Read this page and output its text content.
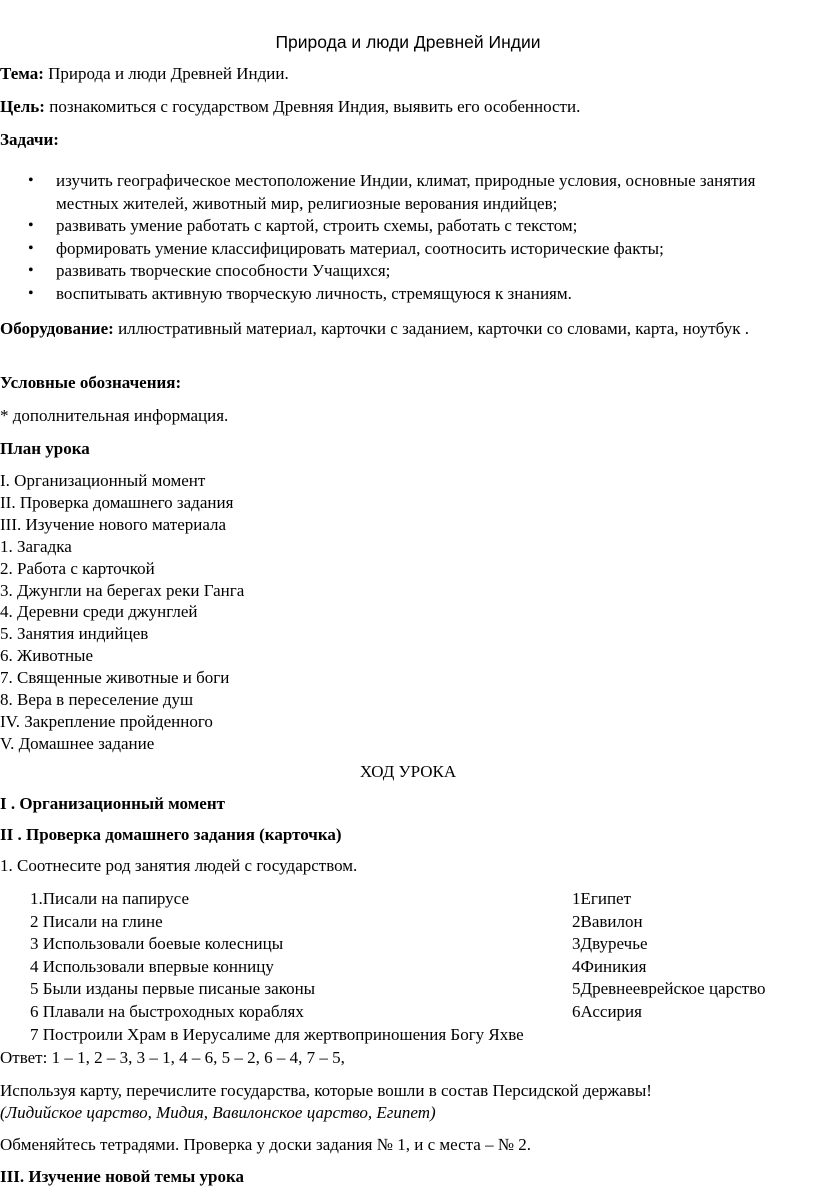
Природа и люди Древней Индии
Тема: Природа и люди Древней Индии.
Цель: познакомиться с государством Древняя Индия, выявить его особенности.
Задачи:
• изучить географическое местоположение Индии, климат, природные условия, основные занятия местных жителей, животный мир, религиозные верования индийцев;
• развивать умение работать с картой, строить схемы, работать с текстом;
• формировать умение классифицировать материал, соотносить исторические факты;
• развивать творческие способности Учащихся;
• воспитывать активную творческую личность, стремящуюся к знаниям.
Оборудование: иллюстративный материал, карточки с заданием, карточки со словами, карта, ноутбук .
Условные обозначения:
* дополнительная информация.
План урока
I. Организационный момент
II. Проверка домашнего задания
III. Изучение нового материала
1. Загадка
2. Работа с карточкой
3. Джунгли на берегах реки Ганга
4. Деревни среди джунглей
5. Занятия индийцев
6. Животные
7. Священные животные и боги
8. Вера в переселение душ
IV. Закрепление пройденного
V. Домашнее задание
ХОД УРОКА
I . Организационный момент
II . Проверка домашнего задания (карточка)
1. Соотнесите род занятия людей с государством.
1.Писали на папирусе	1Египет
2 Писали на глине	2Вавилон
3 Использовали боевые колесницы	3Двуречье
4 Использовали впервые конницу	4Финикия
5 Были изданы первые писаные законы	5Древнееврейское царство
6 Плавали на быстроходных кораблях	6Ассирия
7 Построили Храм в Иерусалиме для жертвоприношения Богу Яхве
Ответ: 1 – 1, 2 – 3, 3 – 1, 4 – 6, 5 – 2, 6 – 4, 7 – 5,
Используя карту, перечислите государства, которые вошли в состав Персидской державы! (Лидийское царство, Мидия, Вавилонское царство, Египет)
Обменяйтесь тетрадями. Проверка у доски задания № 1, и с места – № 2.
III. Изучение новой темы урока
